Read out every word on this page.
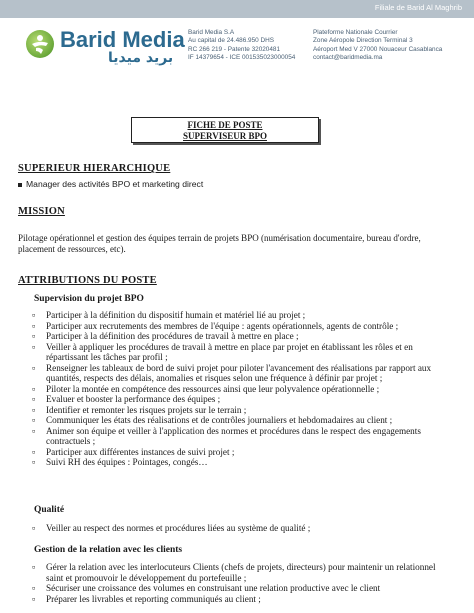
Filiale de Barid Al Maghrib
Barid Media
بريد ميديا
Barid Media S.A
Au capital de 24.486.950 DHS
RC 266 219 - Patente 32020481
IF 14379654 - ICE 001535023000054
Plateforme Nationale Courrier
Zone Aéropole Direction Terminal 3
Aéroport Med V 27000 Nouaceur Casablanca
contact@baridmedia.ma
FICHE DE POSTE
SUPERVISEUR BPO
SUPERIEUR HIERARCHIQUE
Manager des activités BPO et marketing direct
MISSION
Pilotage opérationnel et gestion des équipes terrain de projets BPO (numérisation documentaire, bureau d'ordre, placement de ressources, etc).
ATTRIBUTIONS DU POSTE
Supervision du projet BPO
▫ Participer à la définition du dispositif humain et matériel lié au projet ;
▫ Participer aux recrutements des membres de l'équipe : agents opérationnels, agents de contrôle ;
▫ Participer à la définition des procédures de travail à mettre en place ;
▫ Veiller à appliquer les procédures de travail à mettre en place par projet en établissant les rôles et en répartissant les tâches par profil ;
▫ Renseigner les tableaux de bord de suivi projet pour piloter l'avancement des réalisations par rapport aux quantités, respects des délais, anomalies et risques selon une fréquence à définir par projet ;
▫ Piloter la montée en compétence des ressources ainsi que leur polyvalence opérationnelle ;
▫ Evaluer et booster la performance des équipes ;
▫ Identifier et remonter les risques projets sur le terrain ;
▫ Communiquer les états des réalisations et de contrôles journaliers et hebdomadaires au client ;
▫ Animer son équipe et veiller à l'application des normes et procédures dans le respect des engagements contractuels ;
▫ Participer aux différentes instances de suivi projet ;
▫ Suivi RH des équipes : Pointages, congés…
Qualité
▫ Veiller au respect des normes et procédures liées au système de qualité ;
Gestion de la relation avec les clients
▫ Gérer la relation avec les interlocuteurs Clients (chefs de projets, directeurs) pour maintenir un relationnel saint et promouvoir le développement du portefeuille ;
▫ Sécuriser une croissance des volumes en construisant une relation productive avec le client
▫ Préparer les livrables et reporting communiqués au client ;
